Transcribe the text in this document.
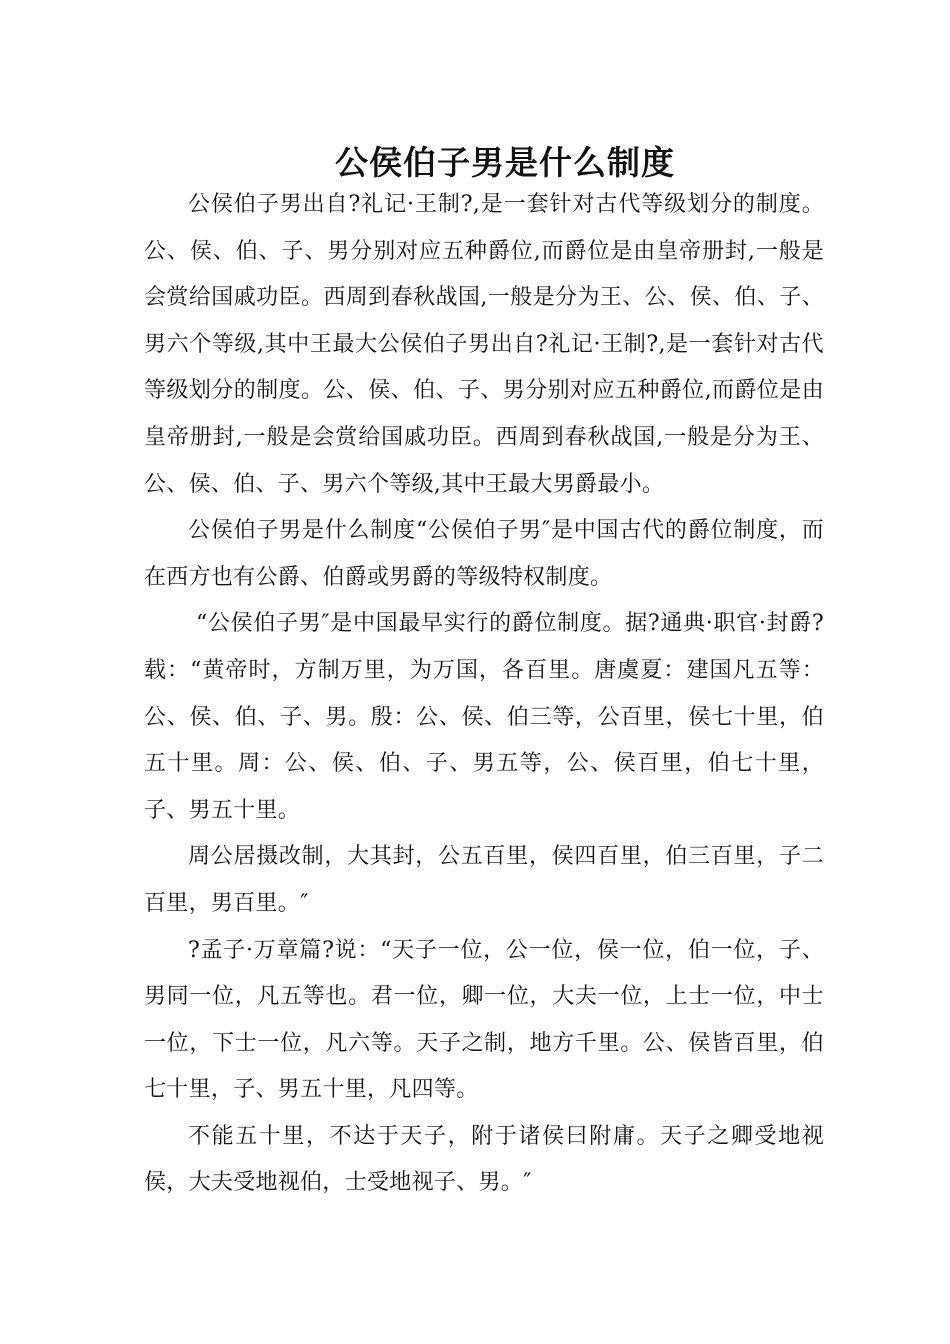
公侯伯子男是什么制度

公侯伯子男出自?礼记·王制?,是一套针对古代等级划分的制度。公、侯、伯、子、男分别对应五种爵位,而爵位是由皇帝册封,一般是会赏给国戚功臣。西周到春秋战国,一般是分为王、公、侯、伯、子、男六个等级,其中王最大公侯伯子男出自?礼记·王制?,是一套针对古代等级划分的制度。公、侯、伯、子、男分别对应五种爵位,而爵位是由皇帝册封,一般是会赏给国戚功臣。西周到春秋战国,一般是分为王、公、侯、伯、子、男六个等级,其中王最大男爵最小。

公侯伯子男是什么制度“公侯伯子男″是中国古代的爵位制度，而在西方也有公爵、伯爵或男爵的等级特权制度。

“公侯伯子男″是中国最早实行的爵位制度。据?通典·职官·封爵?载：“黄帝时，方制万里，为万国，各百里。唐虞夏：建国凡五等：公、侯、伯、子、男。殷：公、侯、伯三等，公百里，侯七十里，伯五十里。周：公、侯、伯、子、男五等，公、侯百里，伯七十里，子、男五十里。

周公居摄改制，大其封，公五百里，侯四百里，伯三百里，子二百里，男百里。″

?孟子·万章篇?说：“天子一位，公一位，侯一位，伯一位，子、男同一位，凡五等也。君一位，卿一位，大夫一位，上士一位，中士一位，下士一位，凡六等。天子之制，地方千里。公、侯皆百里，伯七十里，子、男五十里，凡四等。

不能五十里，不达于天子，附于诸侯曰附庸。天子之卿受地视侯，大夫受地视伯，士受地视子、男。″
